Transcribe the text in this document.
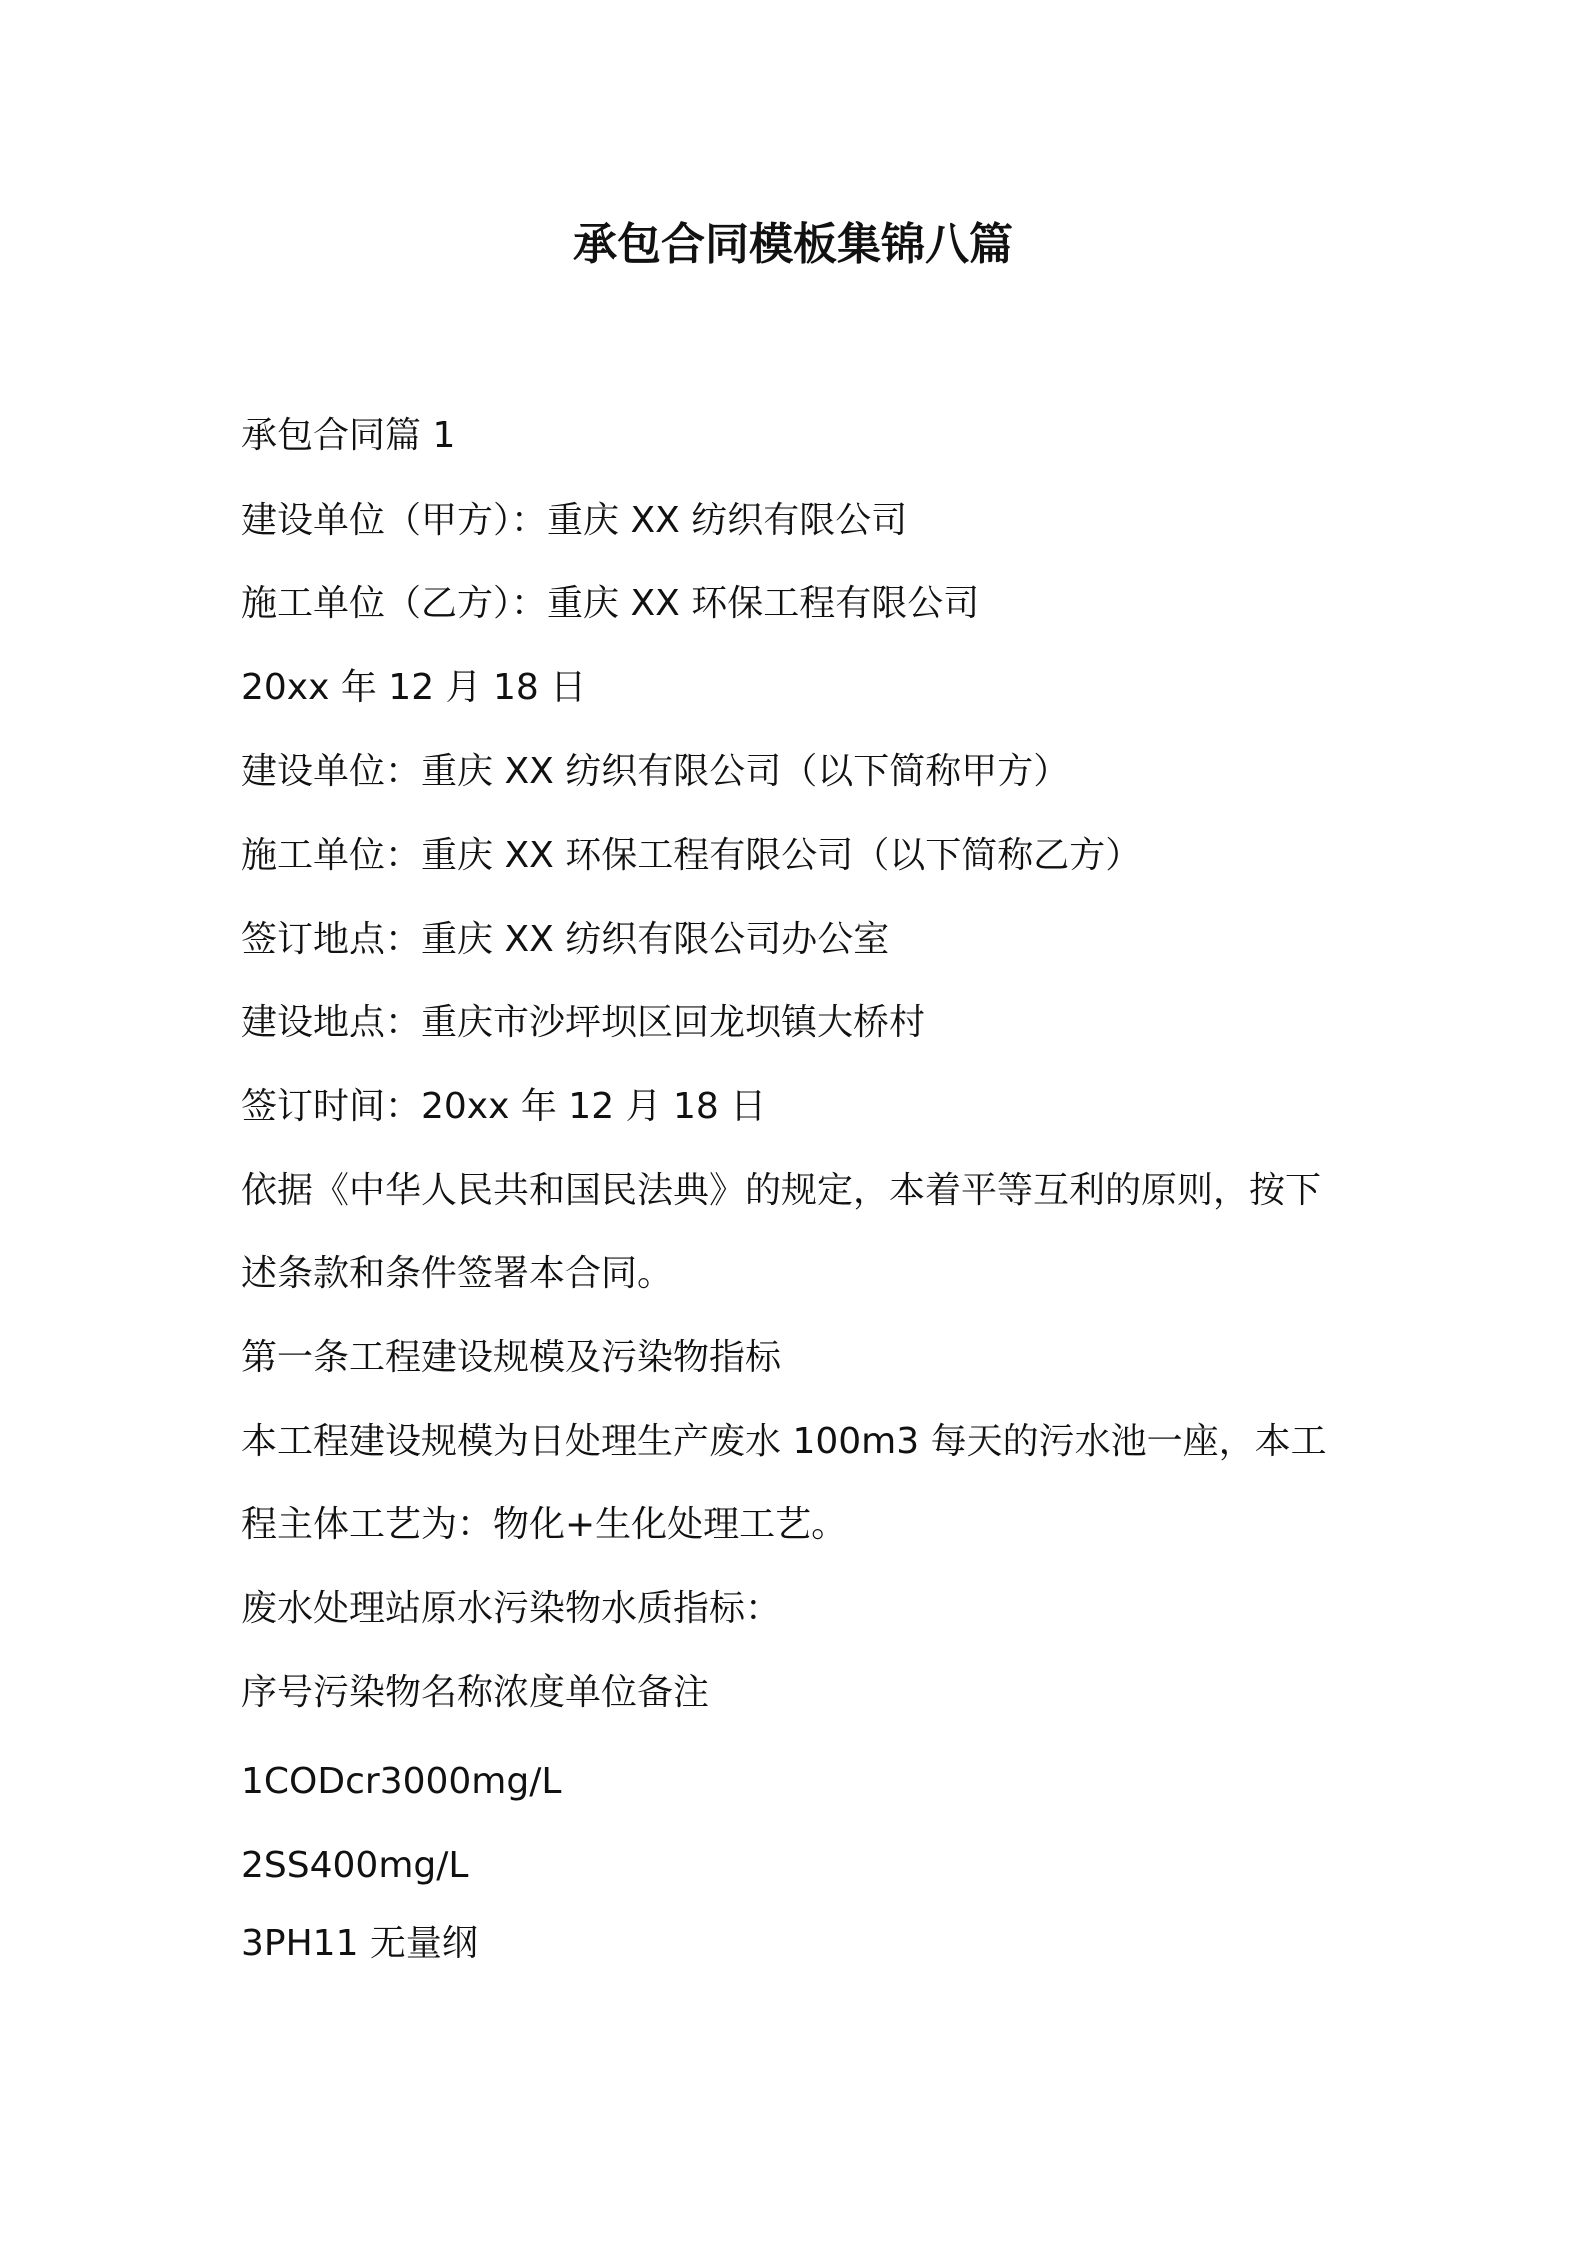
承包合同模板集锦八篇
承包合同篇 1
建设单位（甲方）：重庆 XX 纺织有限公司
施工单位（乙方）：重庆 XX 环保工程有限公司
20xx 年 12 月 18 日
建设单位：重庆 XX 纺织有限公司（以下简称甲方）
施工单位：重庆 XX 环保工程有限公司（以下简称乙方）
签订地点：重庆 XX 纺织有限公司办公室
建设地点：重庆市沙坪坝区回龙坝镇大桥村
签订时间：20xx 年 12 月 18 日
依据《中华人民共和国民法典》的规定，本着平等互利的原则，按下
述条款和条件签署本合同。
第一条工程建设规模及污染物指标
本工程建设规模为日处理生产废水 100m3 每天的污水池一座，本工
程主体工艺为：物化+生化处理工艺。
废水处理站原水污染物水质指标：
序号污染物名称浓度单位备注
1CODcr3000mg/L
2SS400mg/L
3PH11 无量纲
